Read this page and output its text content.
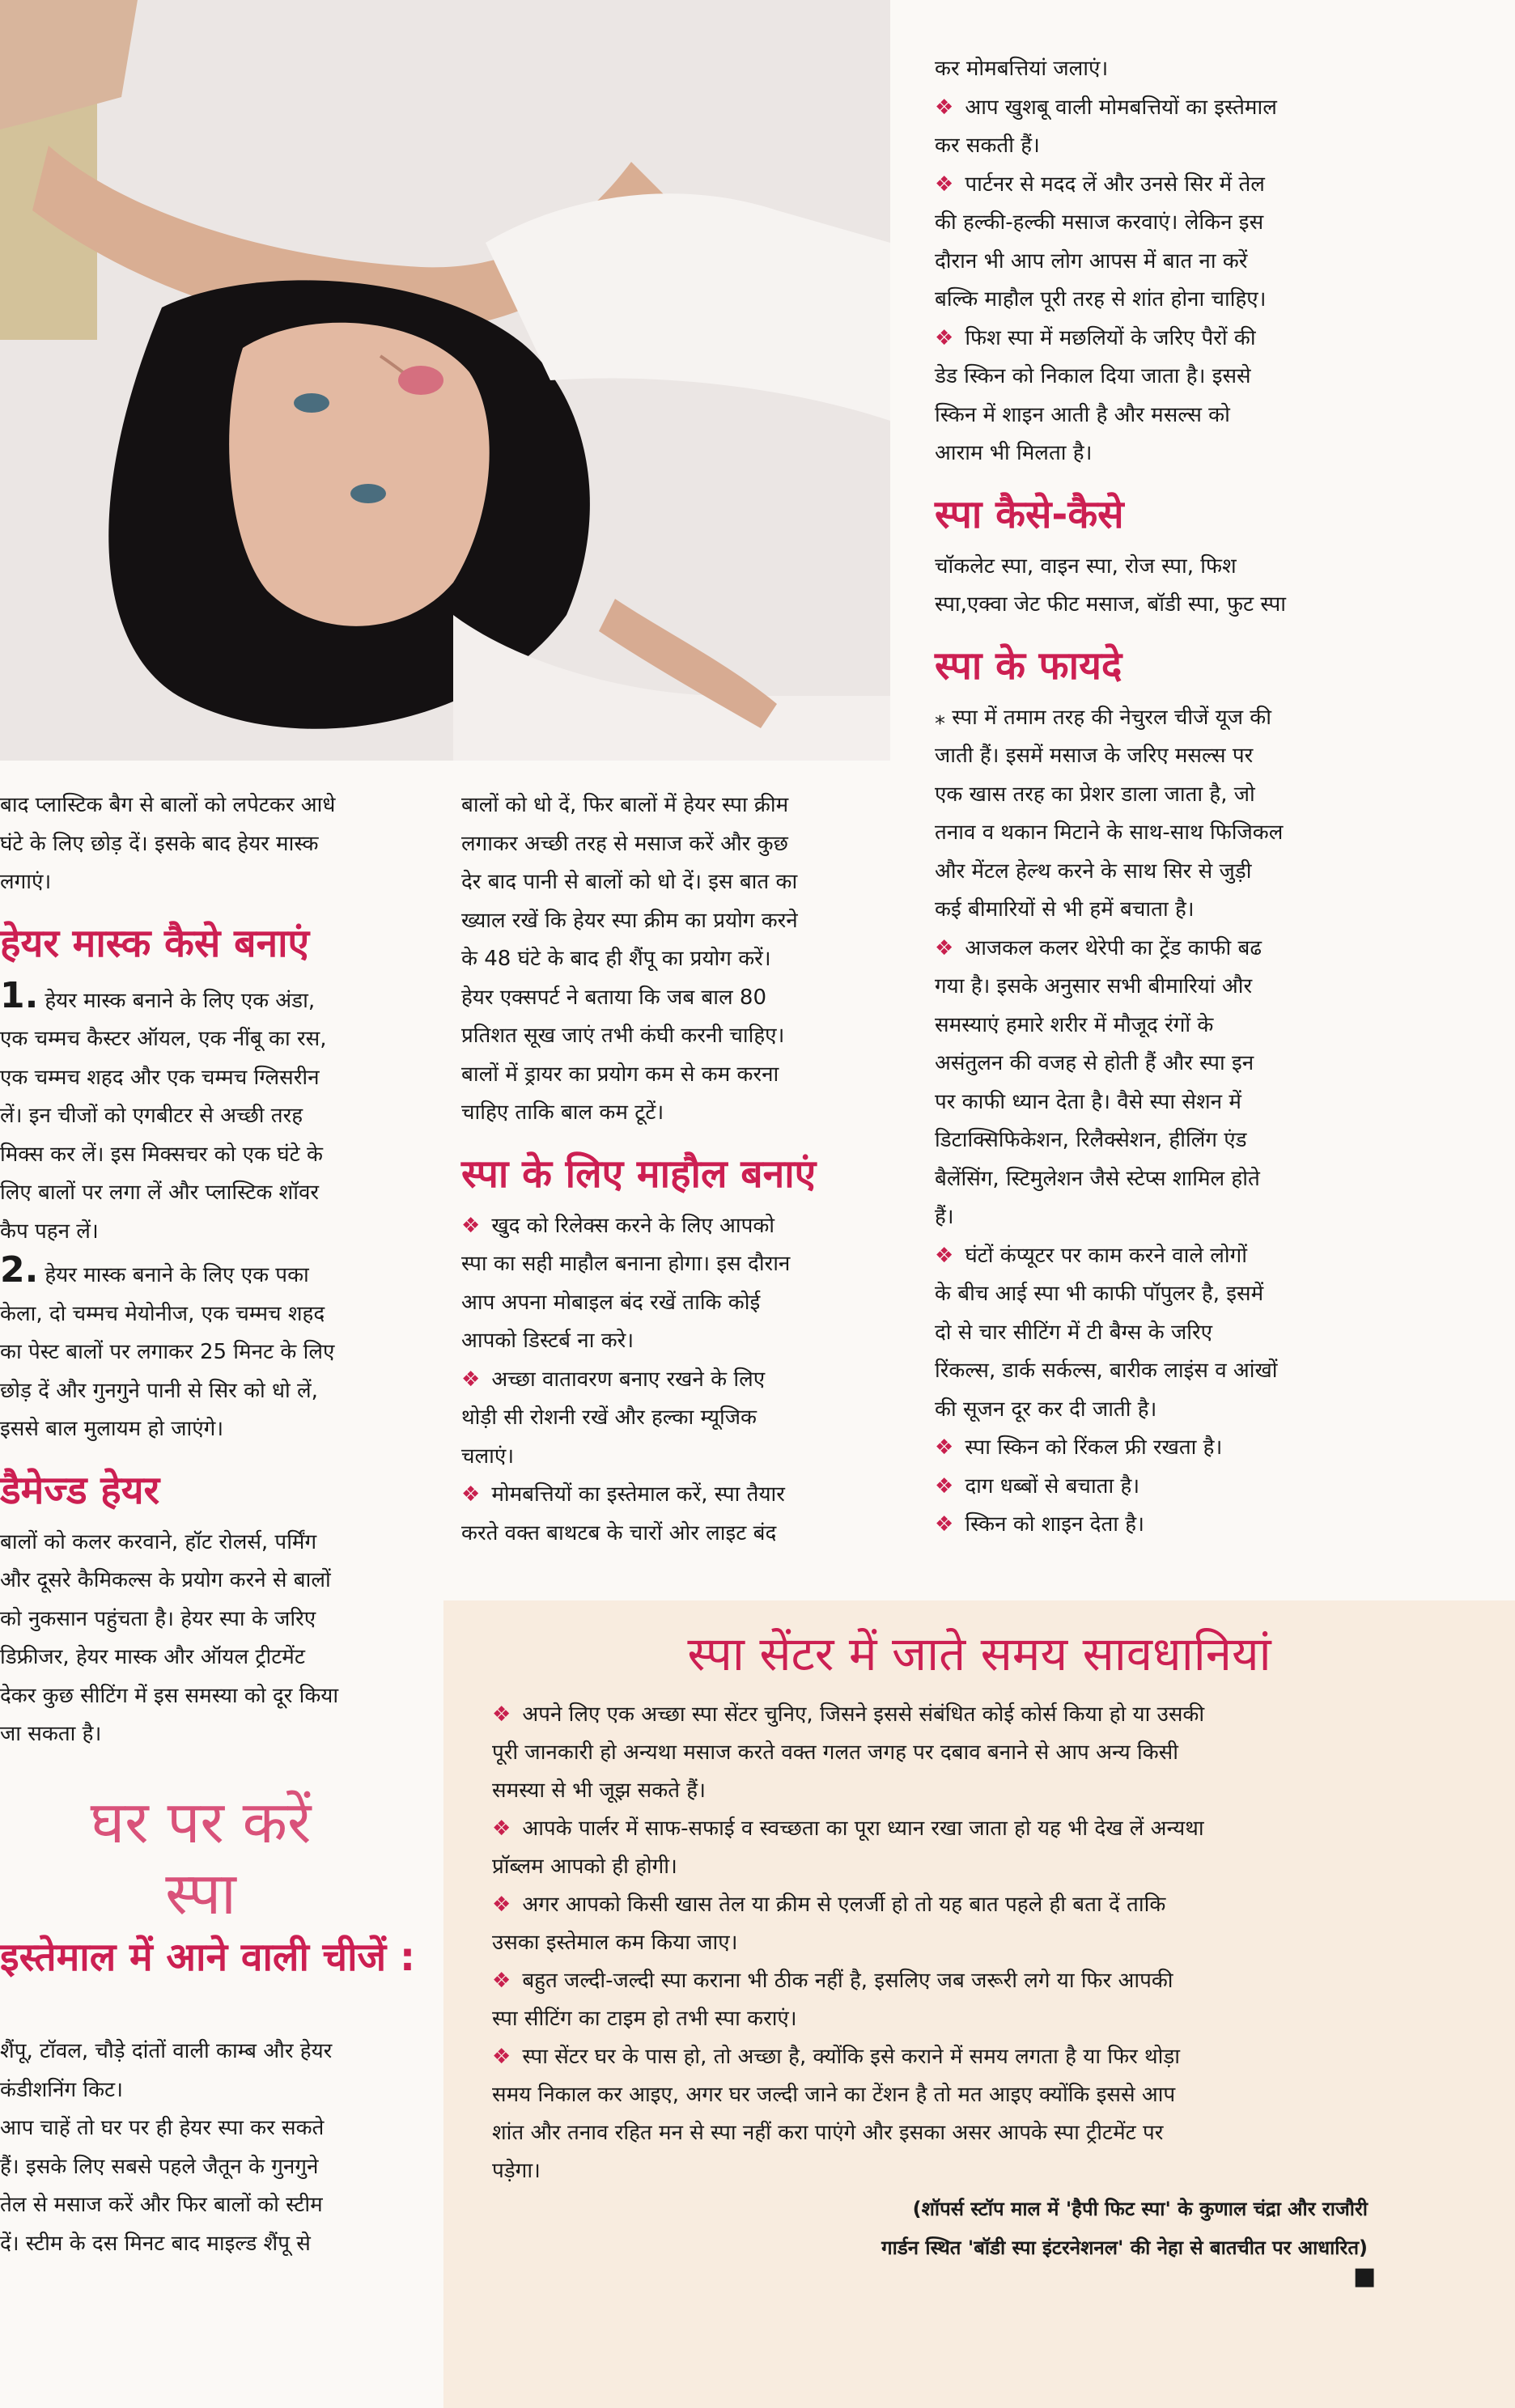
बाद प्लास्टिक बैग से बालों को लपेटकर आधे

घंटे के लिए छोड़ दें। इसके बाद हेयर मास्क

लगाएं।

हेयर मास्क कैसे बनाएं

1. हेयर मास्क बनाने के लिए एक अंडा,

एक चम्मच कैस्टर ऑयल, एक नींबू का रस,

एक चम्मच शहद और एक चम्मच ग्लिसरीन

लें। इन चीजों को एगबीटर से अच्छी तरह

मिक्स कर लें। इस मिक्सचर को एक घंटे के

लिए बालों पर लगा लें और प्लास्टिक शॉवर

कैप पहन लें।

2. हेयर मास्क बनाने के लिए एक पका

केला, दो चम्मच मेयोनीज, एक चम्मच शहद

का पेस्ट बालों पर लगाकर 25 मिनट के लिए

छोड़ दें और गुनगुने पानी से सिर को धो लें,

इससे बाल मुलायम हो जाएंगे।

डैमेज्ड हेयर

बालों को कलर करवाने, हॉट रोलर्स, पर्मिंग

और दूसरे कैमिकल्स के प्रयोग करने से बालों

को नुकसान पहुंचता है। हेयर स्पा के जरिए

डिफ्रीजर, हेयर मास्क और ऑयल ट्रीटमेंट

देकर कुछ सीटिंग में इस समस्या को दूर किया

जा सकता है।

घर पर करें स्पा
इस्तेमाल में आने वाली चीजें :

शैंपू, टॉवल, चौड़े दांतों वाली काम्ब और हेयर

कंडीशनिंग किट।

आप चाहें तो घर पर ही हेयर स्पा कर सकते

हैं। इसके लिए सबसे पहले जैतून के गुनगुने

तेल से मसाज करें और फिर बालों को स्टीम

दें। स्टीम के दस मिनट बाद माइल्ड शैंपू से

बालों को धो दें, फिर बालों में हेयर स्पा क्रीम

लगाकर अच्छी तरह से मसाज करें और कुछ

देर बाद पानी से बालों को धो दें। इस बात का

ख्याल रखें कि हेयर स्पा क्रीम का प्रयोग करने

के 48 घंटे के बाद ही शैंपू का प्रयोग करें।

हेयर एक्सपर्ट ने बताया कि जब बाल 80

प्रतिशत सूख जाएं तभी कंघी करनी चाहिए।

बालों में ड्रायर का प्रयोग कम से कम करना

चाहिए ताकि बाल कम टूटें।

स्पा के लिए माहौल बनाएं

❖ खुद को रिलेक्स करने के लिए आपको

स्पा का सही माहौल बनाना होगा। इस दौरान

आप अपना मोबाइल बंद रखें ताकि कोई

आपको डिस्टर्ब ना करे।

❖ अच्छा वातावरण बनाए रखने के लिए

थोड़ी सी रोशनी रखें और हल्का म्यूजिक

चलाएं।

❖ मोमबत्तियों का इस्तेमाल करें, स्पा तैयार

करते वक्त बाथटब के चारों ओर लाइट बंद

कर मोमबत्तियां जलाएं।

❖ आप खुशबू वाली मोमबत्तियों का इस्तेमाल

कर सकती हैं।

❖ पार्टनर से मदद लें और उनसे सिर में तेल

की हल्की-हल्की मसाज करवाएं। लेकिन इस

दौरान भी आप लोग आपस में बात ना करें

बल्कि माहौल पूरी तरह से शांत होना चाहिए।

❖ फिश स्पा में मछलियों के जरिए पैरों की

डेड स्किन को निकाल दिया जाता है। इससे

स्किन में शाइन आती है और मसल्स को

आराम भी मिलता है।

स्पा कैसे-कैसे

चॉकलेट स्पा, वाइन स्पा, रोज स्पा, फिश

स्पा,एक्वा जेट फीट मसाज, बॉडी स्पा, फुट स्पा

स्पा के फायदे

⁎ स्पा में तमाम तरह की नेचुरल चीजें यूज की

जाती हैं। इसमें मसाज के जरिए मसल्स पर

एक खास तरह का प्रेशर डाला जाता है, जो

तनाव व थकान मिटाने के साथ-साथ फिजिकल

और मेंटल हेल्थ करने के साथ सिर से जुड़ी

कई बीमारियों से भी हमें बचाता है।

❖ आजकल कलर थेरेपी का ट्रेंड काफी बढ

गया है। इसके अनुसार सभी बीमारियां और

समस्याएं हमारे शरीर में मौजूद रंगों के

असंतुलन की वजह से होती हैं और स्पा इन

पर काफी ध्यान देता है। वैसे स्पा सेशन में

डिटाक्सिफिकेशन, रिलैक्सेशन, हीलिंग एंड

बैलेंसिंग, स्टिमुलेशन जैसे स्टेप्स शामिल होते

हैं।

❖ घंटों कंप्यूटर पर काम करने वाले लोगों

के बीच आई स्पा भी काफी पॉपुलर है, इसमें

दो से चार सीटिंग में टी बैग्स के जरिए

रिंकल्स, डार्क सर्कल्स, बारीक लाइंस व आंखों

की सूजन दूर कर दी जाती है।

❖ स्पा स्किन को रिंकल फ्री रखता है।

❖ दाग धब्बों से बचाता है।

❖ स्किन को शाइन देता है।

स्पा सेंटर में जाते समय सावधानियां

❖ अपने लिए एक अच्छा स्पा सेंटर चुनिए, जिसने इससे संबंधित कोई कोर्स किया हो या उसकी

पूरी जानकारी हो अन्यथा मसाज करते वक्त गलत जगह पर दबाव बनाने से आप अन्य किसी

समस्या से भी जूझ सकते हैं।

❖ आपके पार्लर में साफ-सफाई व स्वच्छता का पूरा ध्यान रखा जाता हो यह भी देख लें अन्यथा

प्रॉब्लम आपको ही होगी।

❖ अगर आपको किसी खास तेल या क्रीम से एलर्जी हो तो यह बात पहले ही बता दें ताकि

उसका इस्तेमाल कम किया जाए।

❖ बहुत जल्दी-जल्दी स्पा कराना भी ठीक नहीं है, इसलिए जब जरूरी लगे या फिर आपकी

स्पा सीटिंग का टाइम हो तभी स्पा कराएं।

❖ स्पा सेंटर घर के पास हो, तो अच्छा है, क्योंकि इसे कराने में समय लगता है या फिर थोड़ा

समय निकाल कर आइए, अगर घर जल्दी जाने का टेंशन है तो मत आइए क्योंकि इससे आप

शांत और तनाव रहित मन से स्पा नहीं करा पाएंगे और इसका असर आपके स्पा ट्रीटमेंट पर

पड़ेगा।

(शॉपर्स स्टॉप माल में 'हैपी फिट स्पा' के कुणाल चंद्रा और राजौरी
गार्डन स्थित 'बॉडी स्पा इंटरनेशनल' की नेहा से बातचीत पर आधारित)
■
